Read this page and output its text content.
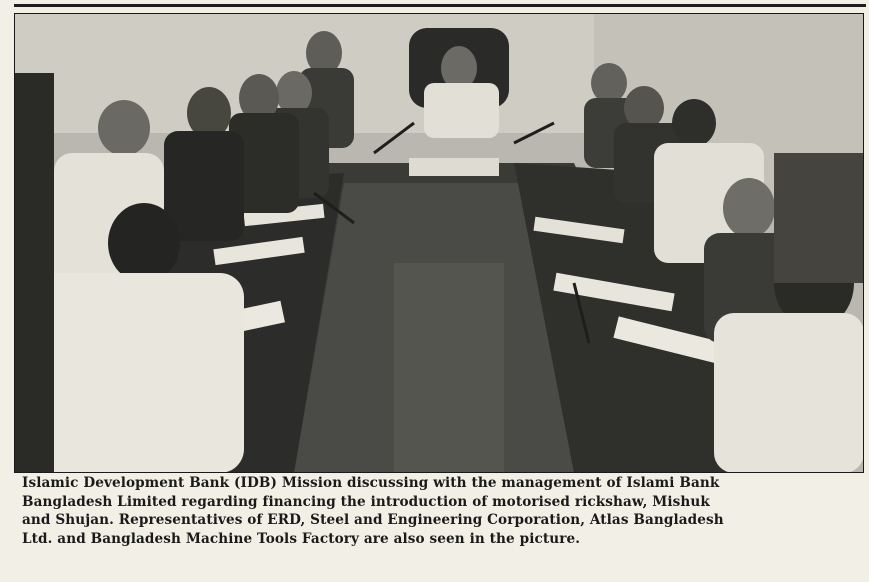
Islamic Development Bank (IDB) Mission discussing with the management of Islami Bank
Bangladesh Limited regarding financing the introduction of motorised rickshaw, Mishuk
and Shujan. Representatives of ERD, Steel and Engineering Corporation, Atlas Bangladesh
Ltd. and Bangladesh Machine Tools Factory are also seen in the picture.
